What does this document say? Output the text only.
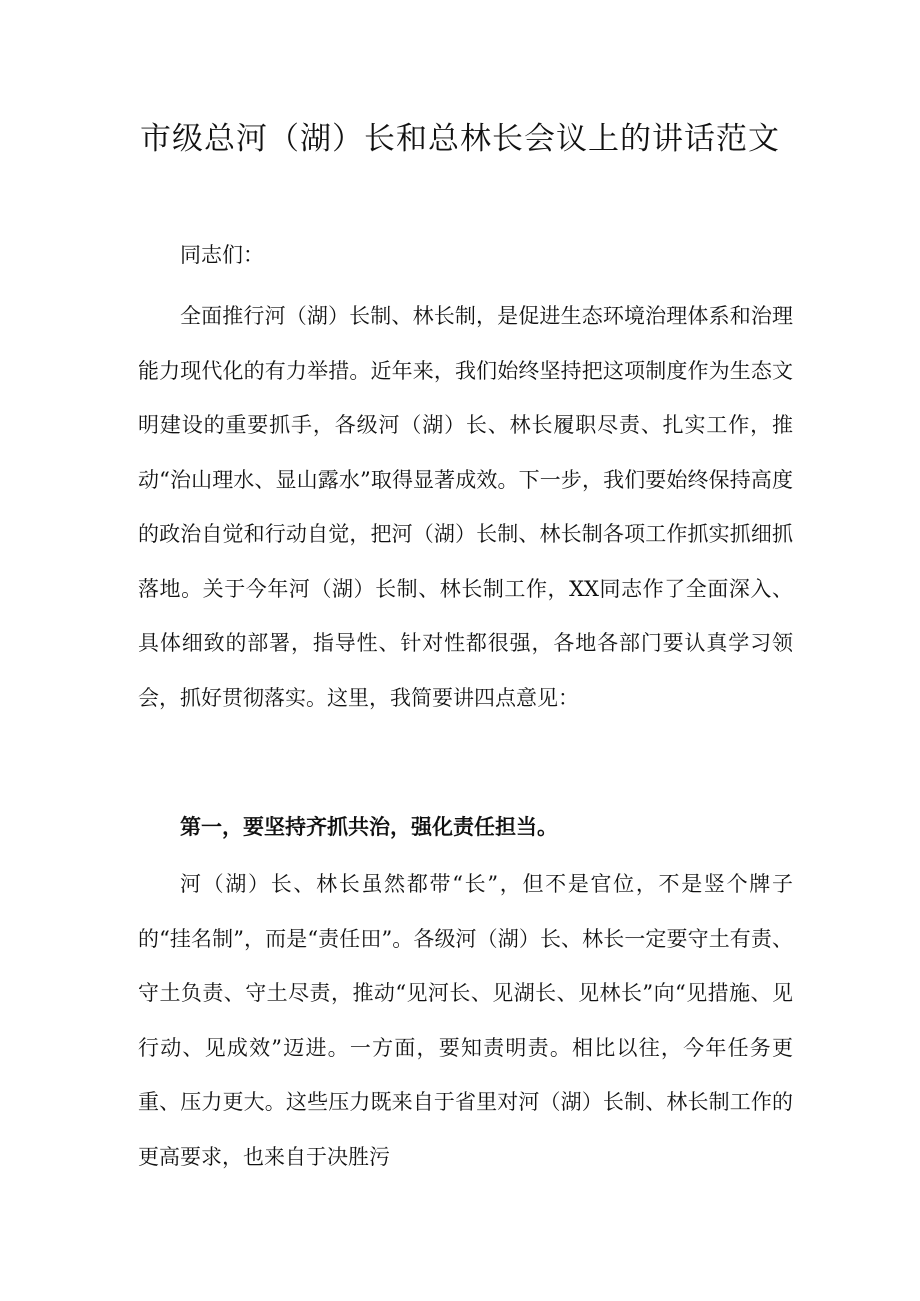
市级总河（湖）长和总林长会议上的讲话范文

同志们：

全面推行河（湖）长制、林长制，是促进生态环境治理体系和治理能力现代化的有力举措。近年来，我们始终坚持把这项制度作为生态文明建设的重要抓手，各级河（湖）长、林长履职尽责、扎实工作，推动“治山理水、显山露水”取得显著成效。下一步，我们要始终保持高度的政治自觉和行动自觉，把河（湖）长制、林长制各项工作抓实抓细抓落地。关于今年河（湖）长制、林长制工作，XX同志作了全面深入、具体细致的部署，指导性、针对性都很强，各地各部门要认真学习领会，抓好贯彻落实。这里，我简要讲四点意见：

第一，要坚持齐抓共治，强化责任担当。

河（湖）长、林长虽然都带“长”，但不是官位，不是竖个牌子的“挂名制”，而是“责任田”。各级河（湖）长、林长一定要守土有责、守土负责、守土尽责，推动“见河长、见湖长、见林长”向“见措施、见行动、见成效”迈进。一方面，要知责明责。相比以往，今年任务更重、压力更大。这些压力既来自于省里对河（湖）长制、林长制工作的更高要求，也来自于决胜污
